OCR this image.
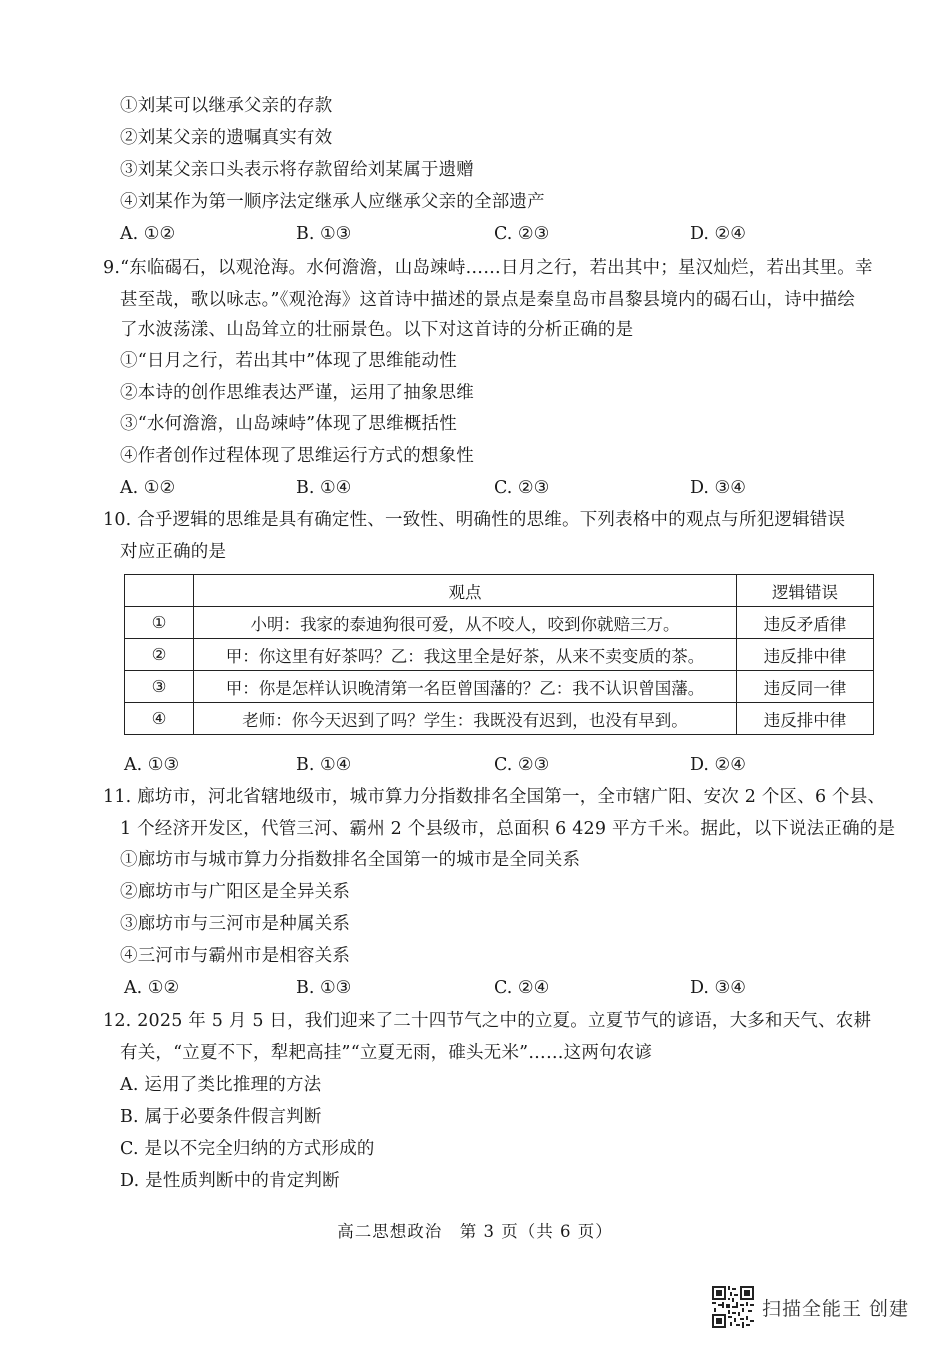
①刘某可以继承父亲的存款
②刘某父亲的遗嘱真实有效
③刘某父亲口头表示将存款留给刘某属于遗赠
④刘某作为第一顺序法定继承人应继承父亲的全部遗产
A. ①②	B. ①③	C. ②③	D. ②④
9.“东临碣石，以观沧海。水何澹澹，山岛竦峙……日月之行，若出其中；星汉灿烂，若出其里。幸
甚至哉，歌以咏志。”《观沧海》这首诗中描述的景点是秦皇岛市昌黎县境内的碣石山，诗中描绘
了水波荡漾、山岛耸立的壮丽景色。以下对这首诗的分析正确的是
①“日月之行，若出其中”体现了思维能动性
②本诗的创作思维表达严谨，运用了抽象思维
③“水何澹澹，山岛竦峙”体现了思维概括性
④作者创作过程体现了思维运行方式的想象性
A. ①②	B. ①④	C. ②③	D. ③④
10. 合乎逻辑的思维是具有确定性、一致性、明确性的思维。下列表格中的观点与所犯逻辑错误
对应正确的是
	观点	逻辑错误
①	小明：我家的泰迪狗很可爱，从不咬人，咬到你就赔三万。	违反矛盾律
②	甲：你这里有好茶吗？乙：我这里全是好茶，从来不卖变质的茶。	违反排中律
③	甲：你是怎样认识晚清第一名臣曾国藩的？乙：我不认识曾国藩。	违反同一律
④	老师：你今天迟到了吗？学生：我既没有迟到，也没有早到。	违反排中律
A. ①③	B. ①④	C. ②③	D. ②④
11. 廊坊市，河北省辖地级市，城市算力分指数排名全国第一，全市辖广阳、安次 2 个区、6 个县、
1 个经济开发区，代管三河、霸州 2 个县级市，总面积 6 429 平方千米。据此，以下说法正确的是
①廊坊市与城市算力分指数排名全国第一的城市是全同关系
②廊坊市与广阳区是全异关系
③廊坊市与三河市是种属关系
④三河市与霸州市是相容关系
A. ①②	B. ①③	C. ②④	D. ③④
12. 2025 年 5 月 5 日，我们迎来了二十四节气之中的立夏。立夏节气的谚语，大多和天气、农耕
有关，“立夏不下，犁耙高挂”“立夏无雨，碓头无米”……这两句农谚
A. 运用了类比推理的方法
B. 属于必要条件假言判断
C. 是以不完全归纳的方式形成的
D. 是性质判断中的肯定判断
高二思想政治　第 3 页（共 6 页）
扫描全能王 创建
